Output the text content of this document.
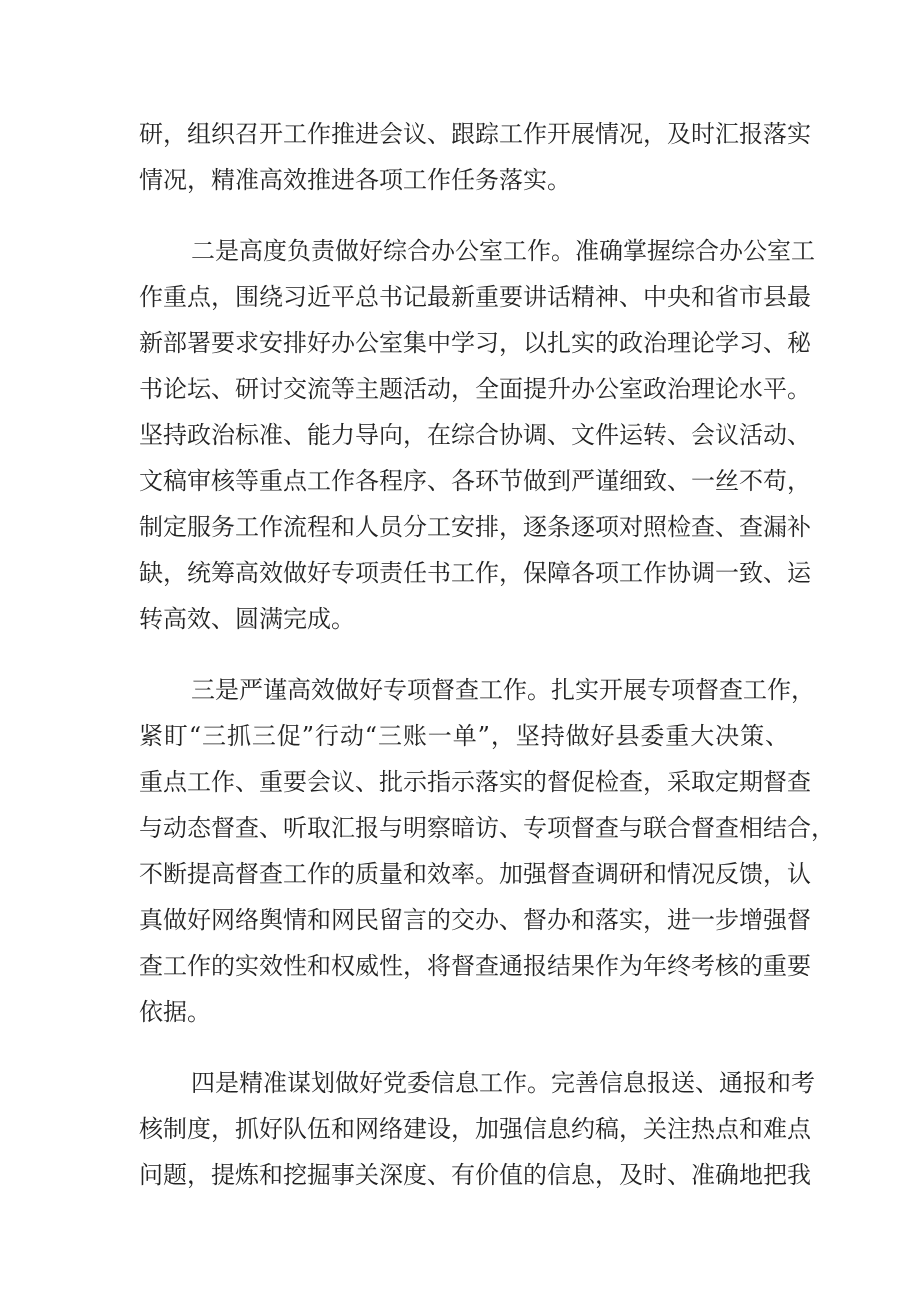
研，组织召开工作推进会议、跟踪工作开展情况，及时汇报落实
情况，精准高效推进各项工作任务落实。
二是高度负责做好综合办公室工作。准确掌握综合办公室工
作重点，围绕习近平总书记最新重要讲话精神、中央和省市县最
新部署要求安排好办公室集中学习，以扎实的政治理论学习、秘
书论坛、研讨交流等主题活动，全面提升办公室政治理论水平。
坚持政治标准、能力导向，在综合协调、文件运转、会议活动、
文稿审核等重点工作各程序、各环节做到严谨细致、一丝不苟，
制定服务工作流程和人员分工安排，逐条逐项对照检查、查漏补
缺，统筹高效做好专项责任书工作，保障各项工作协调一致、运
转高效、圆满完成。
三是严谨高效做好专项督查工作。扎实开展专项督查工作，
紧盯“三抓三促”行动“三账一单”，坚持做好县委重大决策、
重点工作、重要会议、批示指示落实的督促检查，采取定期督查
与动态督查、听取汇报与明察暗访、专项督查与联合督查相结合，
不断提高督查工作的质量和效率。加强督查调研和情况反馈，认
真做好网络舆情和网民留言的交办、督办和落实，进一步增强督
查工作的实效性和权威性，将督查通报结果作为年终考核的重要
依据。
四是精准谋划做好党委信息工作。完善信息报送、通报和考
核制度，抓好队伍和网络建设，加强信息约稿，关注热点和难点
问题，提炼和挖掘事关深度、有价值的信息，及时、准确地把我
